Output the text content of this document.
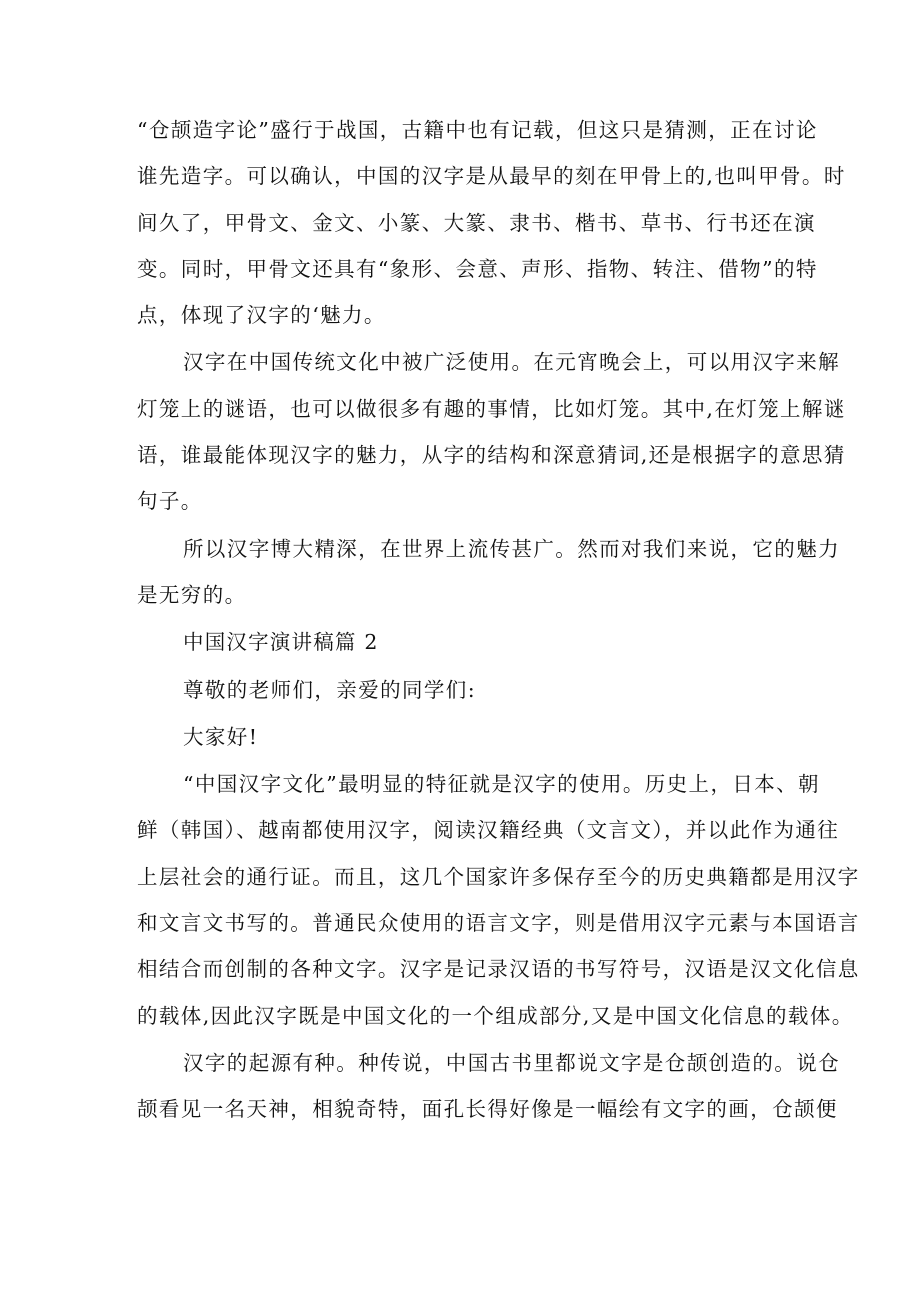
“仓颉造字论”盛行于战国，古籍中也有记载，但这只是猜测，正在讨论
谁先造字。可以确认，中国的汉字是从最早的刻在甲骨上的,也叫甲骨。时
间久了，甲骨文、金文、小篆、大篆、隶书、楷书、草书、行书还在演
变。同时，甲骨文还具有“象形、会意、声形、指物、转注、借物”的特
点，体现了汉字的‘魅力。
汉字在中国传统文化中被广泛使用。在元宵晚会上，可以用汉字来解
灯笼上的谜语，也可以做很多有趣的事情，比如灯笼。其中,在灯笼上解谜
语，谁最能体现汉字的魅力，从字的结构和深意猜词,还是根据字的意思猜
句子。
所以汉字博大精深，在世界上流传甚广。然而对我们来说，它的魅力
是无穷的。
中国汉字演讲稿篇 2
尊敬的老师们，亲爱的同学们:
大家好!
“中国汉字文化”最明显的特征就是汉字的使用。历史上，日本、朝
鲜（韩国）、越南都使用汉字，阅读汉籍经典（文言文），并以此作为通往
上层社会的通行证。而且，这几个国家许多保存至今的历史典籍都是用汉字
和文言文书写的。普通民众使用的语言文字，则是借用汉字元素与本国语言
相结合而创制的各种文字。汉字是记录汉语的书写符号，汉语是汉文化信息
的载体,因此汉字既是中国文化的一个组成部分,又是中国文化信息的载体。
汉字的起源有种。种传说，中国古书里都说文字是仓颉创造的。说仓
颉看见一名天神，相貌奇特，面孔长得好像是一幅绘有文字的画，仓颉便
